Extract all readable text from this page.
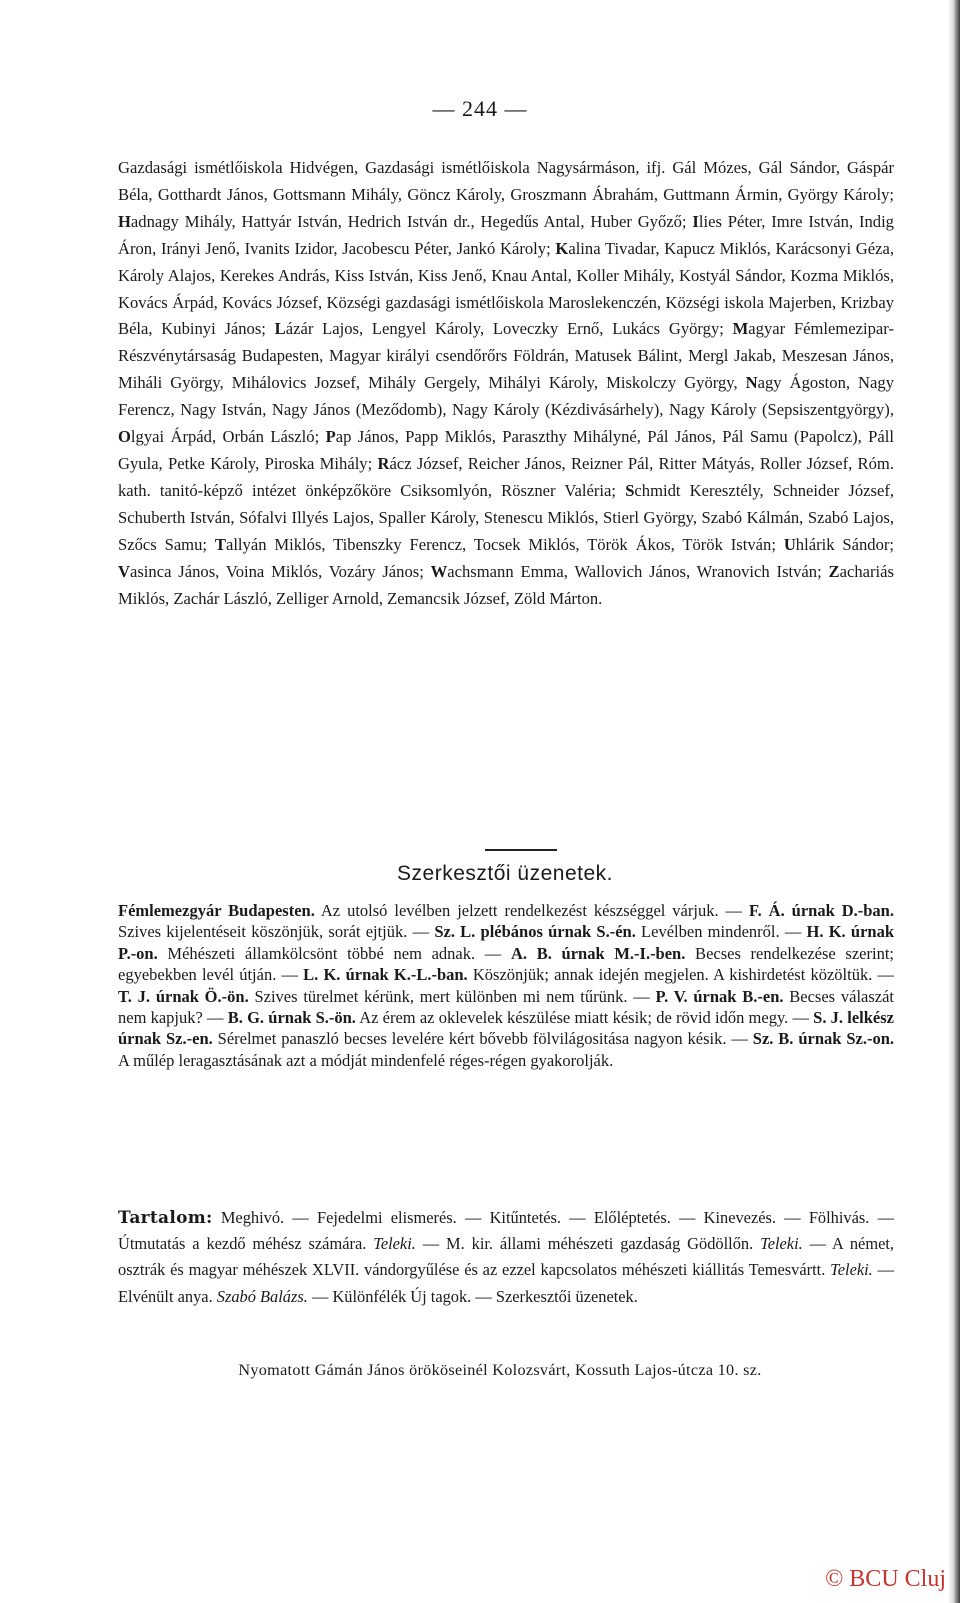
— 244 —
Gazdasági ismétlőiskola Hidvégen, Gazdasági ismétlőiskola Nagysármáson, ifj. Gál Mózes, Gál Sándor, Gáspár Béla, Gotthardt János, Gottsmann Mihály, Göncz Károly, Groszmann Ábrahám, Guttmann Ármin, György Károly; Hadnagy Mihály, Hattyár István, Hedrich István dr., Hegedűs Antal, Huber Győző; Ilies Péter, Imre István, Indig Áron, Irányi Jenő, Ivanits Izidor, Jacobescu Péter, Jankó Károly; Kalina Tivadar, Kapucz Miklós, Karácsonyi Géza, Károly Alajos, Kerekes András, Kiss István, Kiss Jenő, Knau Antal, Koller Mihály, Kostyál Sándor, Kozma Miklós, Kovács Árpád, Kovács József, Községi gazdasági ismétlőiskola Maroslekenczén, Községi iskola Majerben, Krizbay Béla, Kubinyi János; Lázár Lajos, Lengyel Károly, Loveczky Ernő, Lukács György; Magyar Fémlemezipar-Részvénytársaság Budapesten, Magyar királyi csendőrőrs Földrán, Matusek Bálint, Mergl Jakab, Meszesan János, Miháli György, Mihálovics Jozsef, Mihály Gergely, Mihályi Károly, Miskolczy György, Nagy Ágoston, Nagy Ferencz, Nagy István, Nagy János (Meződomb), Nagy Károly (Kézdivásárhely), Nagy Károly (Sepsiszentgyörgy), Olgyai Árpád, Orbán László; Pap János, Papp Miklós, Paraszthy Mihályné, Pál János, Pál Samu (Papolcz), Páll Gyula, Petke Károly, Piroska Mihály; Rácz József, Reicher János, Reizner Pál, Ritter Mátyás, Roller József, Róm. kath. tanitó-képző intézet önképzőköre Csiksomlyón, Röszner Valéria; Schmidt Keresztély, Schneider József, Schuberth István, Sófalvi Illyés Lajos, Spaller Károly, Stenescu Miklós, Stierl György, Szabó Kálmán, Szabó Lajos, Szőcs Samu; Tallyán Miklós, Tibenszky Ferencz, Tocsek Miklós, Török Ákos, Török István; Uhlárik Sándor; Vasinca János, Voina Miklós, Vozáry János; Wachsmann Emma, Wallovich János, Wranovich István; Zachariás Miklós, Zachár László, Zelliger Arnold, Zemancsik József, Zöld Márton.
Szerkesztői üzenetek.
Fémlemezgyár Budapesten. Az utolsó levélben jelzett rendelkezést készséggel várjuk. — F. Á. úrnak D.-ban. Szives kijelentéseit köszönjük, sorát ejtjük. — Sz. L. plébános úrnak S.-én. Levélben mindenről. — H. K. úrnak P.-on. Méhészeti államkölcsönt többé nem adnak. — A. B. úrnak M.-I.-ben. Becses rendelkezése szerint; egyebekben levél útján. — L. K. úrnak K.-L.-ban. Köszönjük; annak idején megjelen. A kishirdetést közöltük. — T. J. úrnak Ö.-ön. Szives türelmet kérünk, mert különben mi nem tűrünk. — P. V. úrnak B.-en. Becses válaszát nem kapjuk? — B. G. úrnak S.-ön. Az érem az oklevelek készülése miatt késik; de rövid időn megy. — S. J. lelkész úrnak Sz.-en. Sérelmet panaszló becses levelére kért bővebb fölvilágositása nagyon késik. — Sz. B. úrnak Sz.-on. A műlép leragasztásának azt a módját mindenfelé réges-régen gyakorolják.
Tartalom: Meghivó. — Fejedelmi elismerés. — Kitűntetés. — Előléptetés. — Kinevezés. — Fölhivás. — Útmutatás a kezdő méhész számára. Teleki. — M. kir. állami méhészeti gazdaság Gödöllőn. Teleki. — A német, osztrák és magyar méhészek XLVII. vándorgyűlése és az ezzel kapcsolatos méhészeti kiállitás Temesvártt. Teleki. — Elvénült anya. Szabó Balázs. — Különfélék Új tagok. — Szerkesztői üzenetek.
Nyomatott Gámán János örököseinél Kolozsvárt, Kossuth Lajos-útcza 10. sz.
© BCU Cluj
